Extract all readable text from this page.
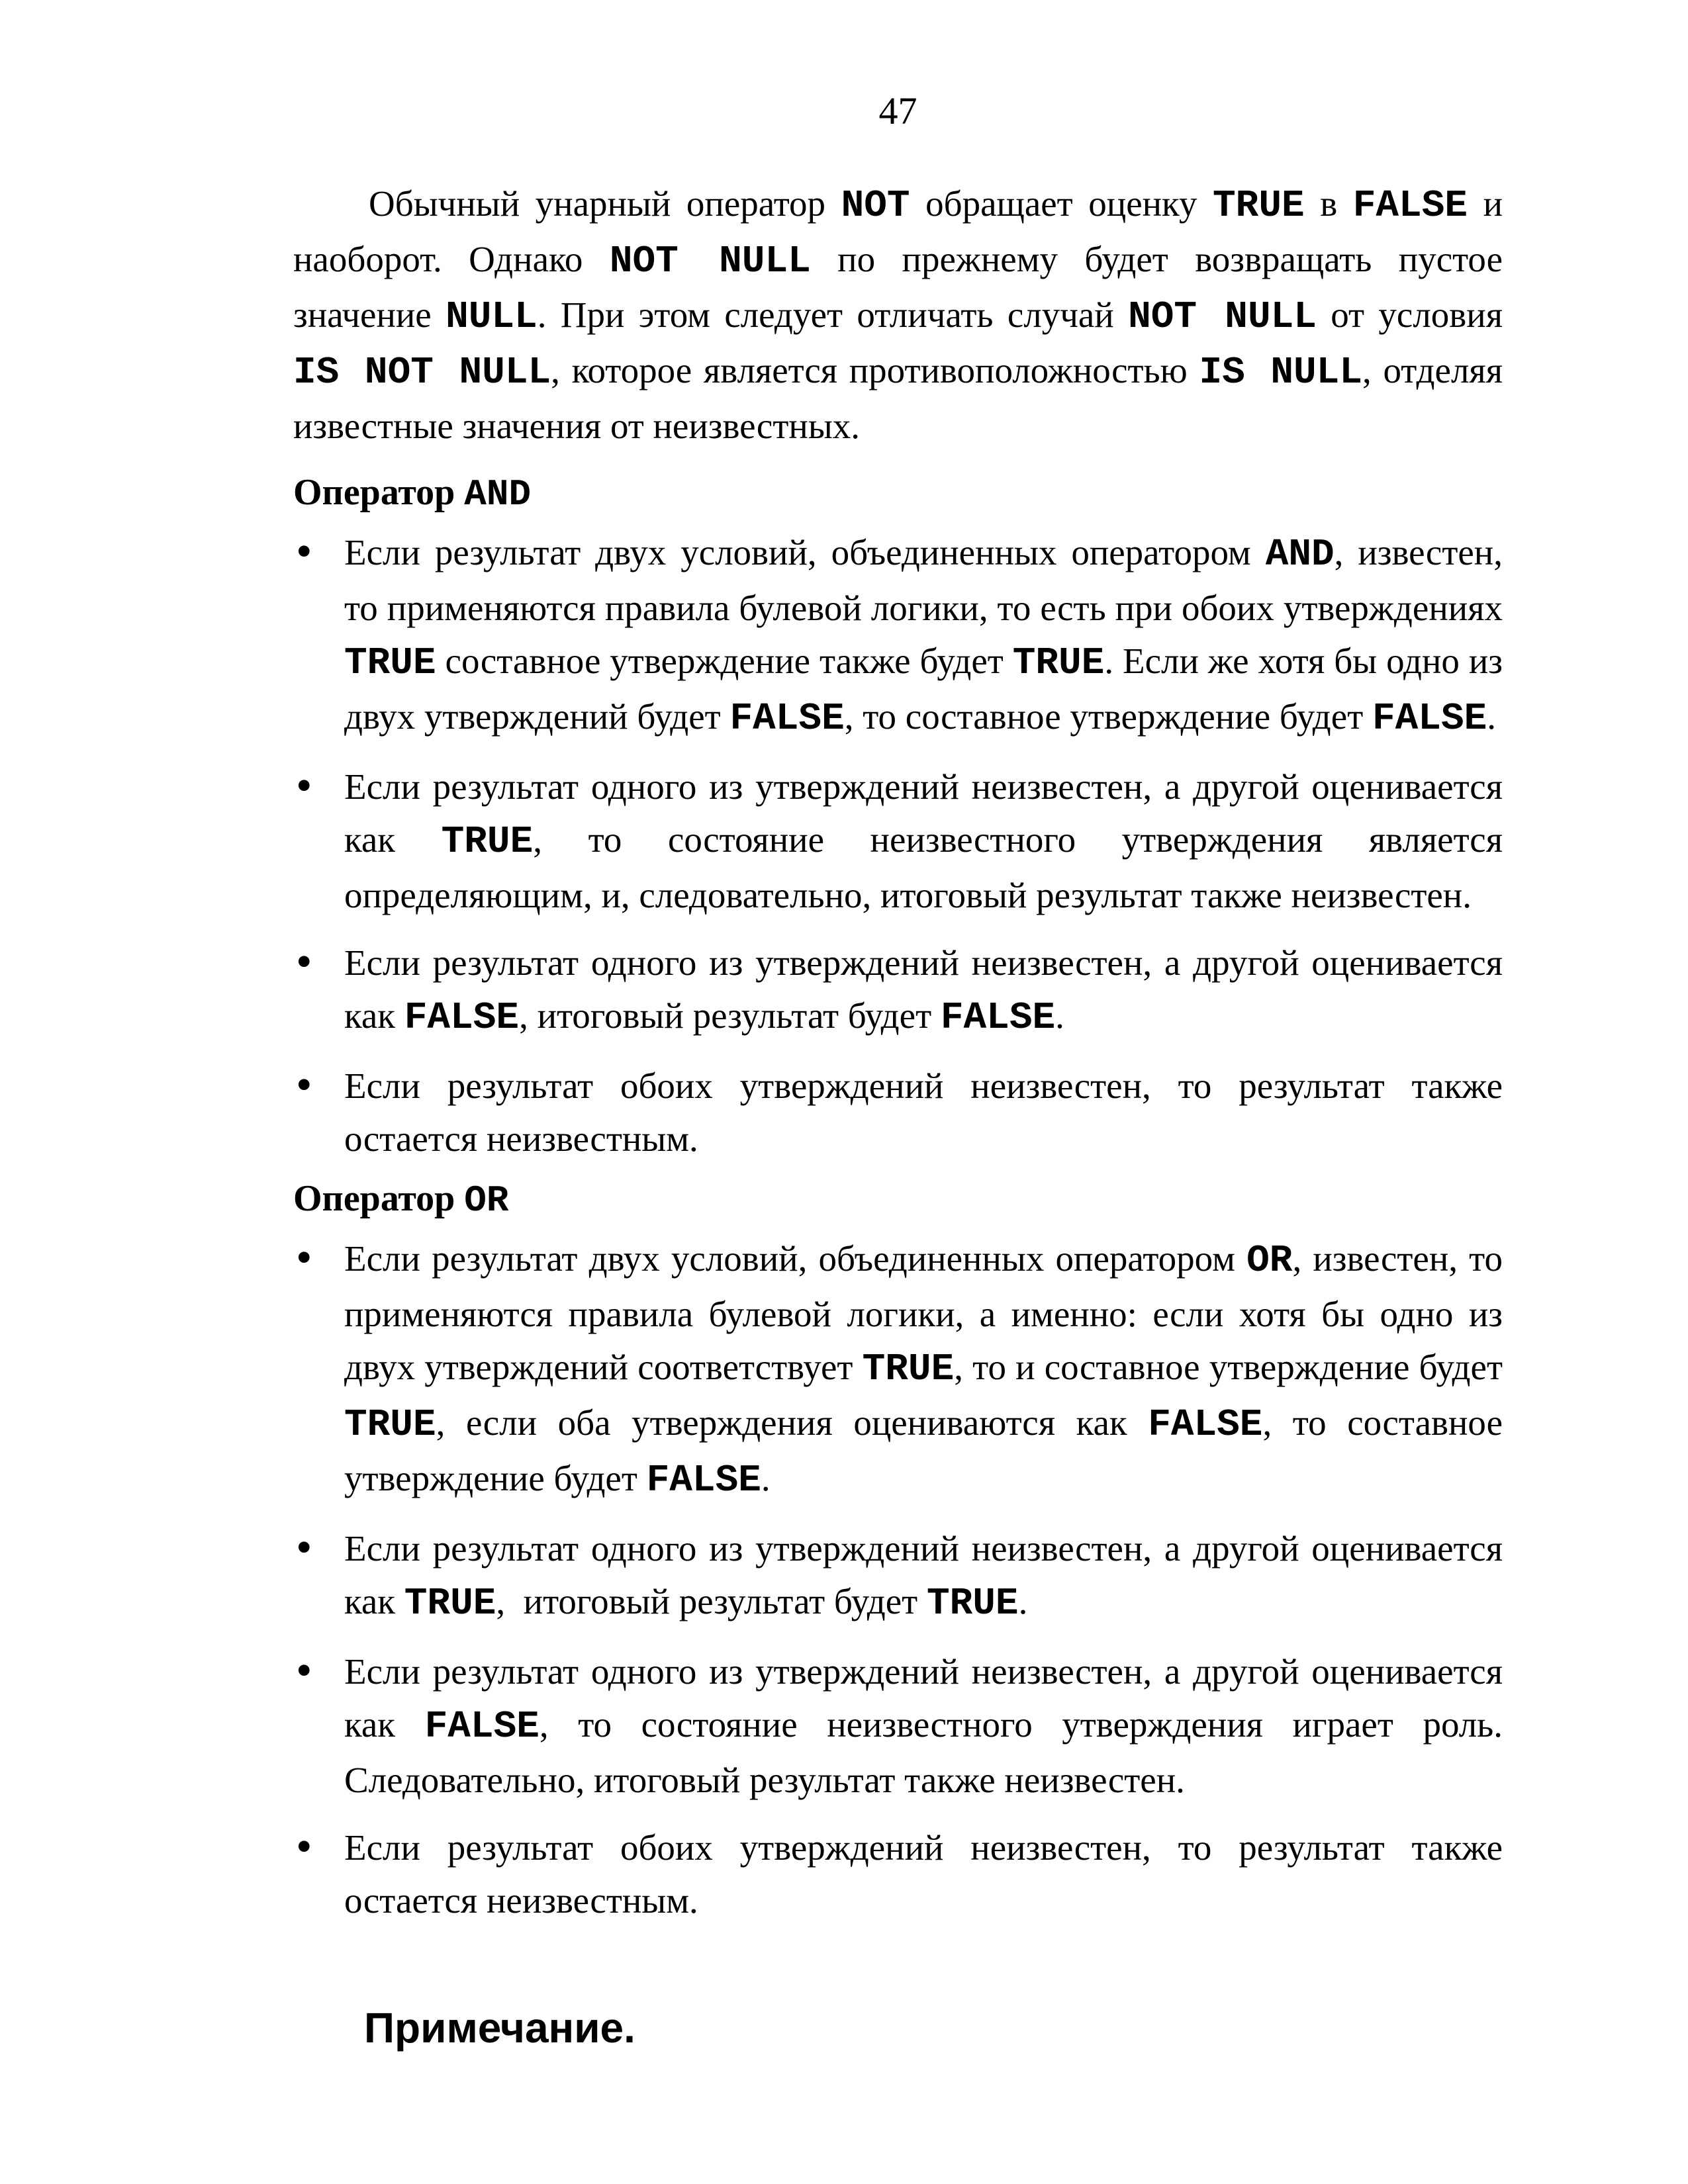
47

Обычный унарный оператор NOT обращает оценку TRUE в FALSE и наоборот. Однако NOT NULL по прежнему будет возвращать пустое значение NULL. При этом следует отличать случай NOT NULL от условия IS NOT NULL, которое является противоположностью IS NULL, отделяя известные значения от неизвестных.

Оператор AND
• Если результат двух условий, объединенных оператором AND, известен, то применяются правила булевой логики, то есть при обоих утверждениях TRUE составное утверждение также будет TRUE. Если же хотя бы одно из двух утверждений будет FALSE, то составное утверждение будет FALSE.
• Если результат одного из утверждений неизвестен, а другой оценивается как TRUE, то состояние неизвестного утверждения является определяющим, и, следовательно, итоговый результат также неизвестен.
• Если результат одного из утверждений неизвестен, а другой оценивается как FALSE, итоговый результат будет FALSE.
• Если результат обоих утверждений неизвестен, то результат также остается неизвестным.
Оператор OR
• Если результат двух условий, объединенных оператором OR, известен, то применяются правила булевой логики, а именно: если хотя бы одно из двух утверждений соответствует TRUE, то и составное утверждение будет TRUE, если оба утверждения оцениваются как FALSE, то составное утверждение будет FALSE.
• Если результат одного из утверждений неизвестен, а другой оценивается как TRUE,  итоговый результат будет TRUE.
• Если результат одного из утверждений неизвестен, а другой оценивается как FALSE, то состояние неизвестного утверждения играет роль. Следовательно, итоговый результат также неизвестен.
• Если результат обоих утверждений неизвестен, то результат также остается неизвестным.
Примечание.
